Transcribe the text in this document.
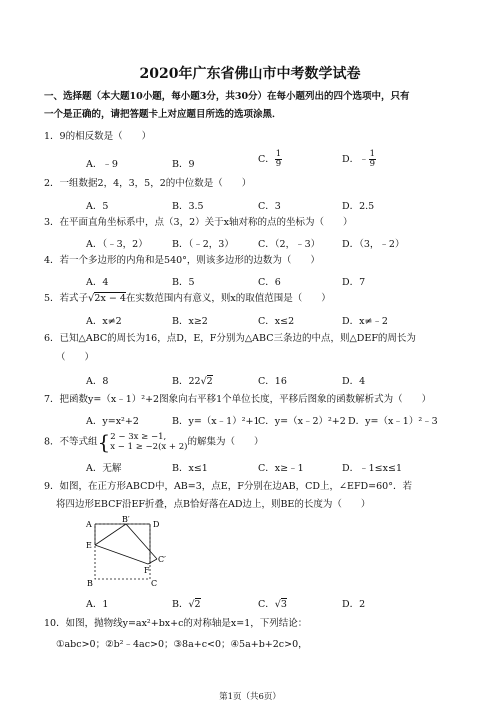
2020年广东省佛山市中考数学试卷
一、选择题（本大题10小题，每小题3分，共30分）在每小题列出的四个选项中，只有
一个是正确的，请把答题卡上对应题目所选的选项涂黑．
1．9的相反数是（　　）
A．﹣9	B．9	C． $\frac{1}{9}$	D．﹣ $\frac{1}{9}$
2．一组数据2，4，3，5，2的中位数是（　　）
A．5	B．3.5	C．3	D．2.5
3．在平面直角坐标系中，点（3，2）关于x轴对称的点的坐标为（　　）
A．（﹣3，2）	B．（﹣2，3）	C．（2，﹣3） D．（3，﹣2）
4．若一个多边形的内角和是540°，则该多边形的边数为（　　）
A．4	B．5	C．6	D．7
5．若式子√2x − 4在实数范围内有意义，则x的取值范围是（　　）
A．x≠2	B．x≥2	C．x≤2	D．x≠﹣2
6．已知△ABC的周长为16，点D，E，F分别为△ABC三条边的中点，则△DEF的周长为
（　　）
A．8	B．22√2	C．16	D．4
7．把函数y=（x﹣1）²+2图象向右平移1个单位长度，平移后图象的函数解析式为（　　）
A．y=x²+2	B．y=（x﹣1）²+1
C．y=（x﹣2）²+2 D．y=（x﹣1）²﹣3
8．不等式组{ 2 − 3x ≥ −1,
x − 1 ≥ −2(x + 2) 的解集为（　　）
A．无解	B．x≤1	C．x≥﹣1	D．﹣1≤x≤1
9．如图，在正方形ABCD中，AB=3，点E，F分别在边AB，CD上，∠EFD=60°．若
将四边形EBCF沿EF折叠，点B恰好落在AD边上，则BE的长度为（　　）
A
B′
D
E
C′
F
B	C
A．1	B．√2	C．√3	D．2
10．如图，抛物线y=ax²+bx+c的对称轴是x=1，下列结论：
①abc>0；②b²﹣4ac>0；③8a+c<0；④5a+b+2c>0，
第1页（共6页）
